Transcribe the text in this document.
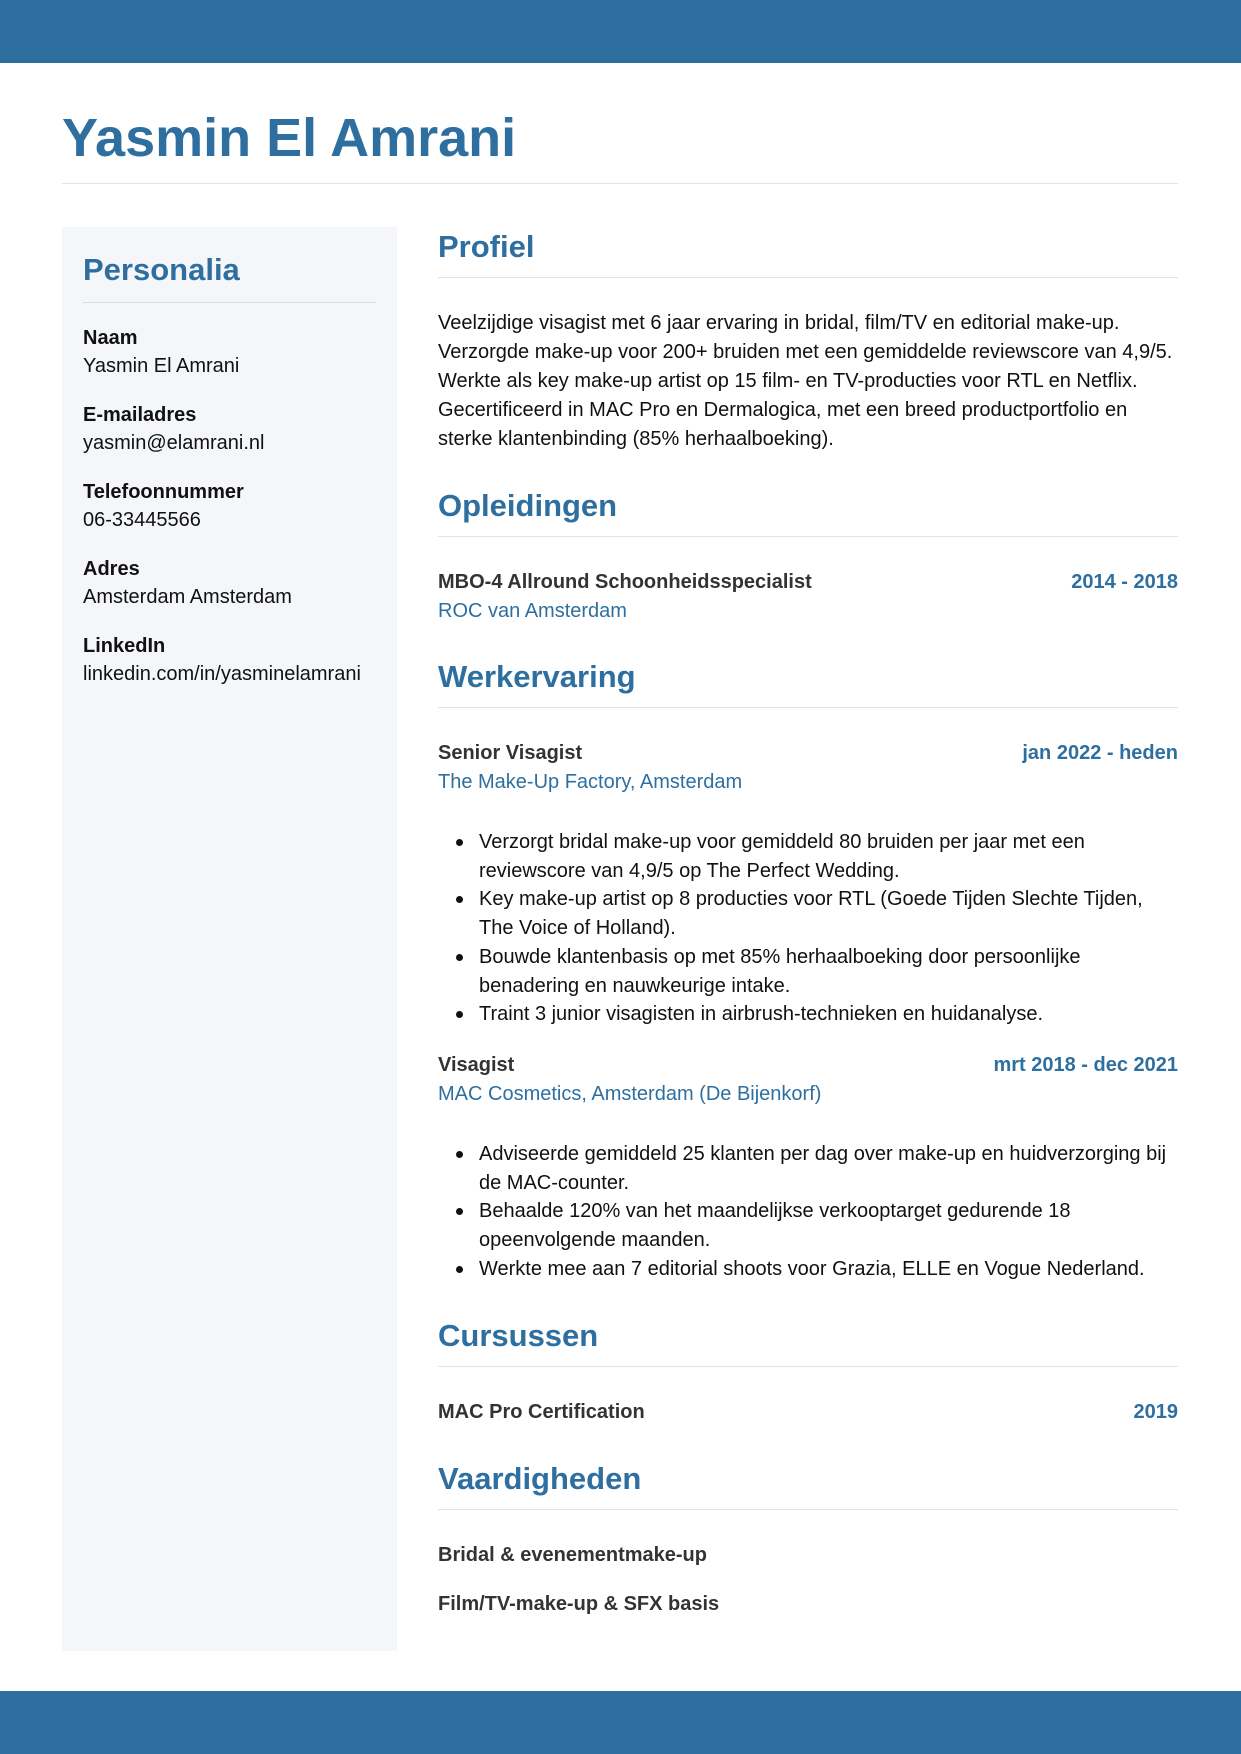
Yasmin El Amrani
Personalia
Naam
Yasmin El Amrani
E-mailadres
yasmin@elamrani.nl
Telefoonnummer
06-33445566
Adres
Amsterdam Amsterdam
LinkedIn
linkedin.com/in/yasminelamrani
Profiel

Veelzijdige visagist met 6 jaar ervaring in bridal, film/TV en editorial make-up. Verzorgde make-up voor 200+ bruiden met een gemiddelde reviewscore van 4,9/5. Werkte als key make-up artist op 15 film- en TV-producties voor RTL en Netflix. Gecertificeerd in MAC Pro en Dermalogica, met een breed productportfolio en sterke klantenbinding (85% herhaalboeking).

Opleidingen
MBO-4 Allround Schoonheidsspecialist	2014 - 2018
ROC van Amsterdam
Werkervaring
Senior Visagist	jan 2022 - heden
The Make-Up Factory, Amsterdam
Verzorgt bridal make-up voor gemiddeld 80 bruiden per jaar met een reviewscore van 4,9/5 op The Perfect Wedding.
Key make-up artist op 8 producties voor RTL (Goede Tijden Slechte Tijden, The Voice of Holland).
Bouwde klantenbasis op met 85% herhaalboeking door persoonlijke benadering en nauwkeurige intake.
Traint 3 junior visagisten in airbrush-technieken en huidanalyse.
Visagist	mrt 2018 - dec 2021
MAC Cosmetics, Amsterdam (De Bijenkorf)
Adviseerde gemiddeld 25 klanten per dag over make-up en huidverzorging bij de MAC-counter.
Behaalde 120% van het maandelijkse verkooptarget gedurende 18 opeenvolgende maanden.
Werkte mee aan 7 editorial shoots voor Grazia, ELLE en Vogue Nederland.
Cursussen
MAC Pro Certification	2019
Vaardigheden
Bridal & evenementmake-up
Film/TV-make-up & SFX basis
